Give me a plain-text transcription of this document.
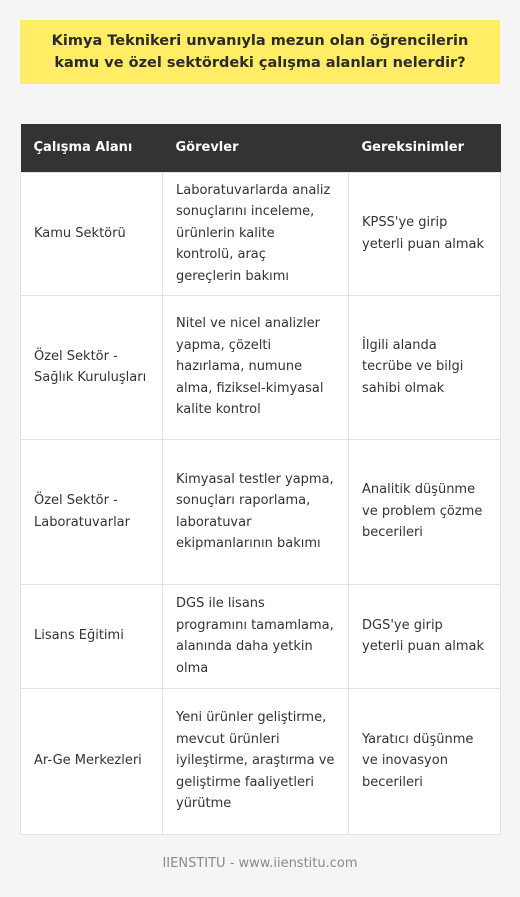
Kimya Teknikeri unvanıyla mezun olan öğrencilerin kamu ve özel sektördeki çalışma alanları nelerdir?
Çalışma Alanı	Görevler	Gereksinimler
Kamu Sektörü	Laboratuvarlarda analiz sonuçlarını inceleme, ürünlerin kalite kontrolü, araç gereçlerin bakımı	KPSS'ye girip yeterli puan almak
Özel Sektör - Sağlık Kuruluşları	Nitel ve nicel analizler yapma, çözelti hazırlama, numune alma, fiziksel-kimyasal kalite kontrol	İlgili alanda tecrübe ve bilgi sahibi olmak
Özel Sektör - Laboratuvarlar	Kimyasal testler yapma, sonuçları raporlama, laboratuvar ekipmanlarının bakımı	Analitik düşünme ve problem çözme becerileri
Lisans Eğitimi	DGS ile lisans programını tamamlama, alanında daha yetkin olma	DGS'ye girip yeterli puan almak
Ar-Ge Merkezleri	Yeni ürünler geliştirme, mevcut ürünleri iyileştirme, araştırma ve geliştirme faaliyetleri yürütme	Yaratıcı düşünme ve inovasyon becerileri
IIENSTITU - www.iienstitu.com
